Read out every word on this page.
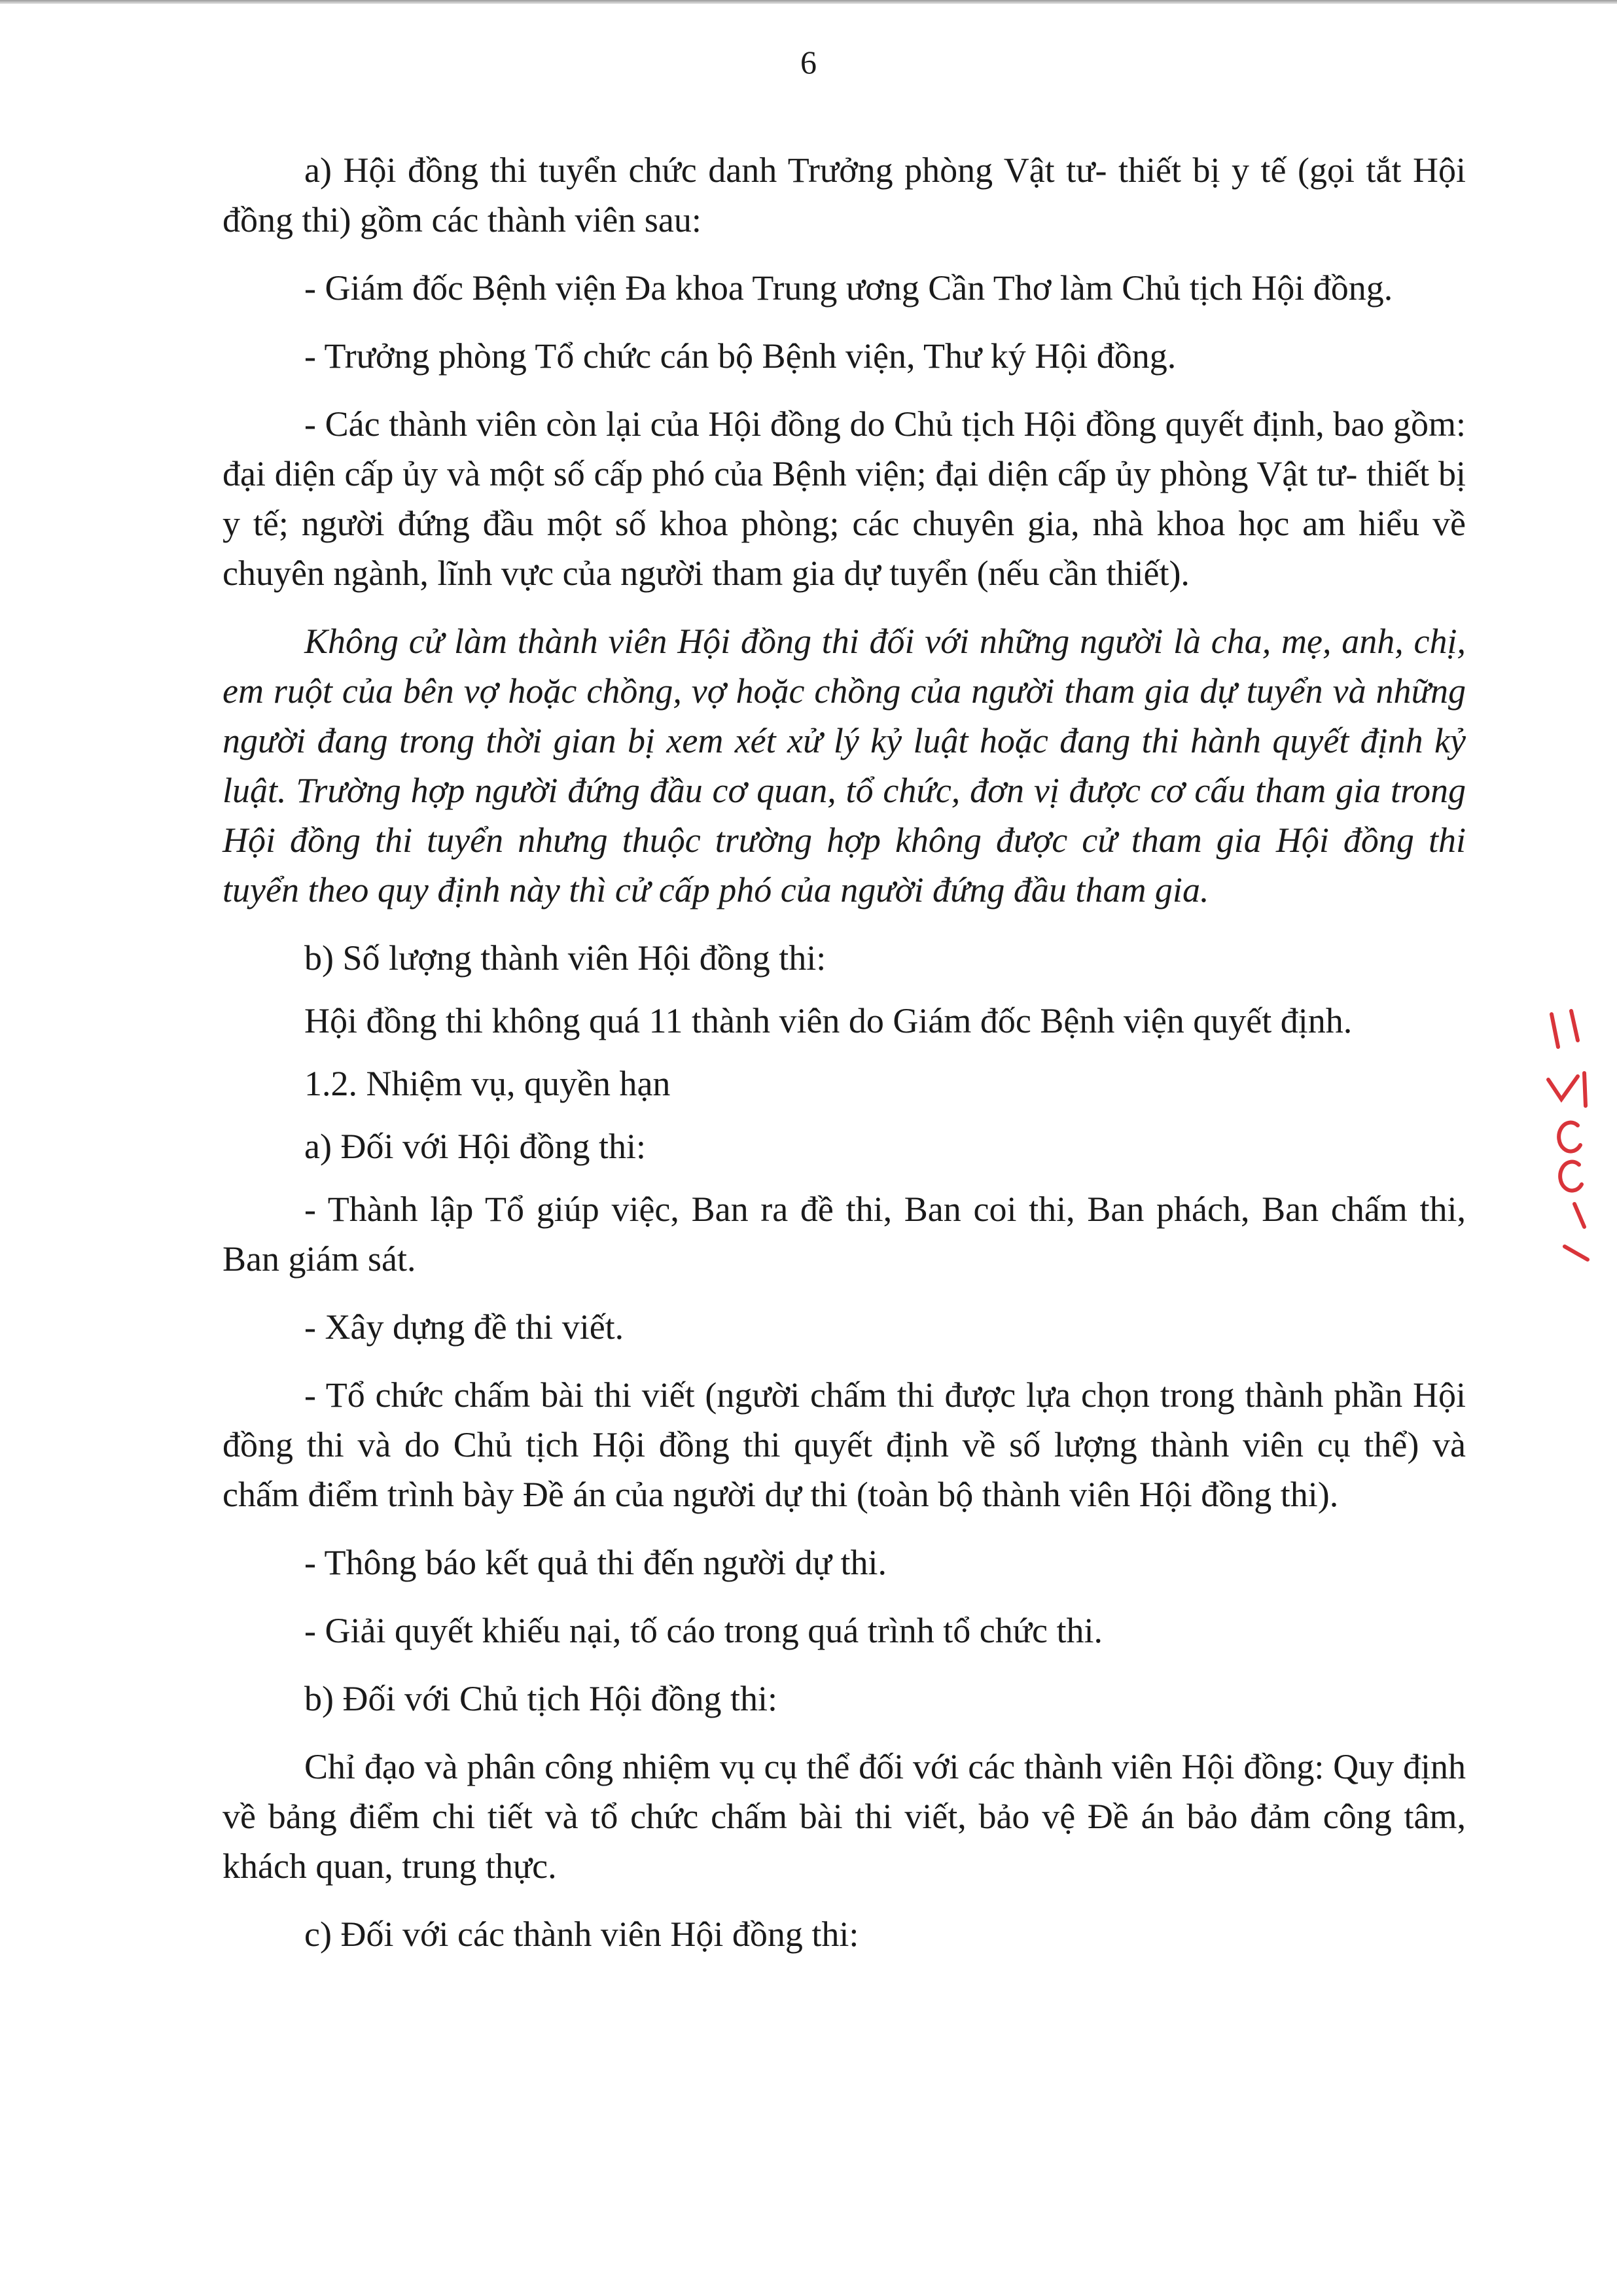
6

a) Hội đồng thi tuyển chức danh Trưởng phòng Vật tư- thiết bị y tế (gọi tắt Hội đồng thi) gồm các thành viên sau:

- Giám đốc Bệnh viện Đa khoa Trung ương Cần Thơ làm Chủ tịch Hội đồng.

- Trưởng phòng Tổ chức cán bộ Bệnh viện, Thư ký Hội đồng.

- Các thành viên còn lại của Hội đồng do Chủ tịch Hội đồng quyết định, bao gồm: đại diện cấp ủy và một số cấp phó của Bệnh viện; đại diện cấp ủy phòng Vật tư- thiết bị y tế; người đứng đầu một số khoa phòng; các chuyên gia, nhà khoa học am hiểu về chuyên ngành, lĩnh vực của người tham gia dự tuyển (nếu cần thiết).

Không cử làm thành viên Hội đồng thi đối với những người là cha, mẹ, anh, chị, em ruột của bên vợ hoặc chồng, vợ hoặc chồng của người tham gia dự tuyển và những người đang trong thời gian bị xem xét xử lý kỷ luật hoặc đang thi hành quyết định kỷ luật. Trường hợp người đứng đầu cơ quan, tổ chức, đơn vị được cơ cấu tham gia trong Hội đồng thi tuyển nhưng thuộc trường hợp không được cử tham gia Hội đồng thi tuyển theo quy định này thì cử cấp phó của người đứng đầu tham gia.

b) Số lượng thành viên Hội đồng thi:

Hội đồng thi không quá 11 thành viên do Giám đốc Bệnh viện quyết định.

1.2. Nhiệm vụ, quyền hạn

a) Đối với Hội đồng thi:

- Thành lập Tổ giúp việc, Ban ra đề thi, Ban coi thi, Ban phách, Ban chấm thi, Ban giám sát.

- Xây dựng đề thi viết.

- Tổ chức chấm bài thi viết (người chấm thi được lựa chọn trong thành phần Hội đồng thi và do Chủ tịch Hội đồng thi quyết định về số lượng thành viên cụ thể) và chấm điểm trình bày Đề án của người dự thi (toàn bộ thành viên Hội đồng thi).

- Thông báo kết quả thi đến người dự thi.

- Giải quyết khiếu nại, tố cáo trong quá trình tổ chức thi.

b) Đối với Chủ tịch Hội đồng thi:

Chỉ đạo và phân công nhiệm vụ cụ thể đối với các thành viên Hội đồng: Quy định về bảng điểm chi tiết và tổ chức chấm bài thi viết, bảo vệ Đề án bảo đảm công tâm, khách quan, trung thực.

c) Đối với các thành viên Hội đồng thi:
